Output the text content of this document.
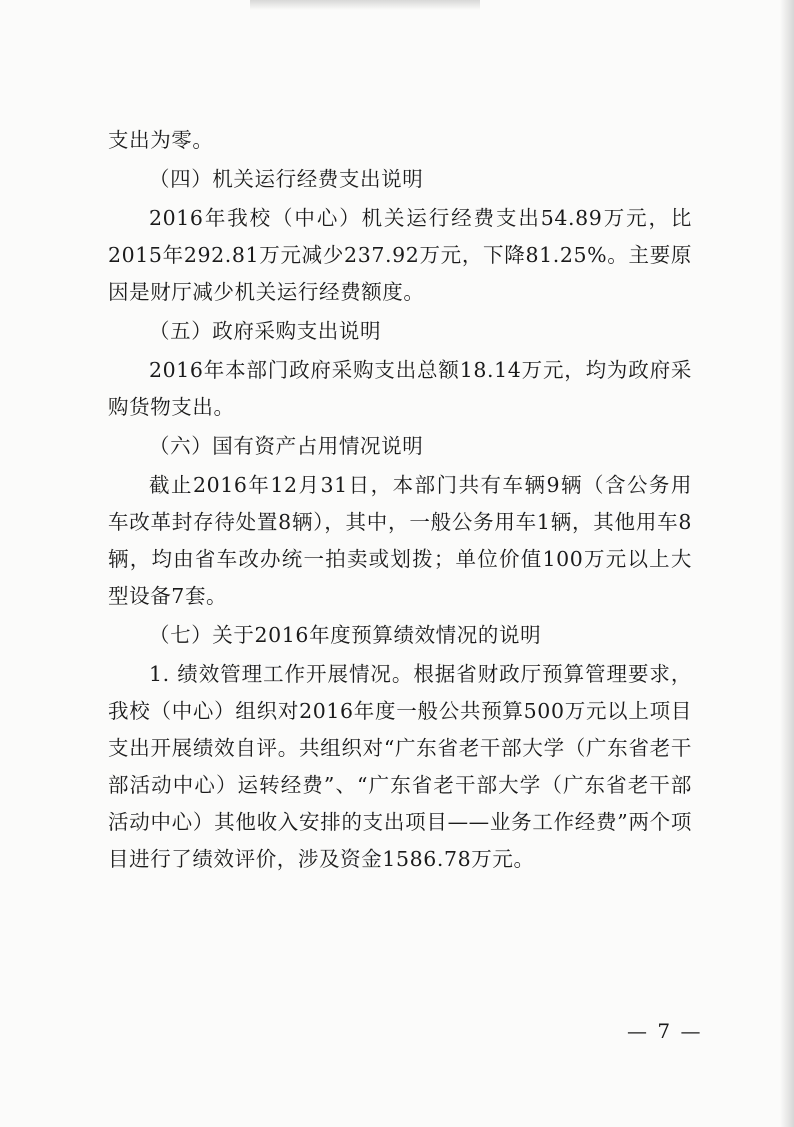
支出为零。

（四）机关运行经费支出说明

2016年我校（中心）机关运行经费支出54.89万元，比2015年292.81万元减少237.92万元，下降81.25%。主要原因是财厅减少机关运行经费额度。

（五）政府采购支出说明

2016年本部门政府采购支出总额18.14万元，均为政府采购货物支出。

（六）国有资产占用情况说明

截止2016年12月31日，本部门共有车辆9辆（含公务用车改革封存待处置8辆），其中，一般公务用车1辆，其他用车8辆，均由省车改办统一拍卖或划拨；单位价值100万元以上大型设备7套。

（七）关于2016年度预算绩效情况的说明

1. 绩效管理工作开展情况。根据省财政厅预算管理要求，我校（中心）组织对2016年度一般公共预算500万元以上项目支出开展绩效自评。共组织对“广东省老干部大学（广东省老干部活动中心）运转经费”、“广东省老干部大学（广东省老干部活动中心）其他收入安排的支出项目——业务工作经费”两个项目进行了绩效评价，涉及资金1586.78万元。

— 7 —
